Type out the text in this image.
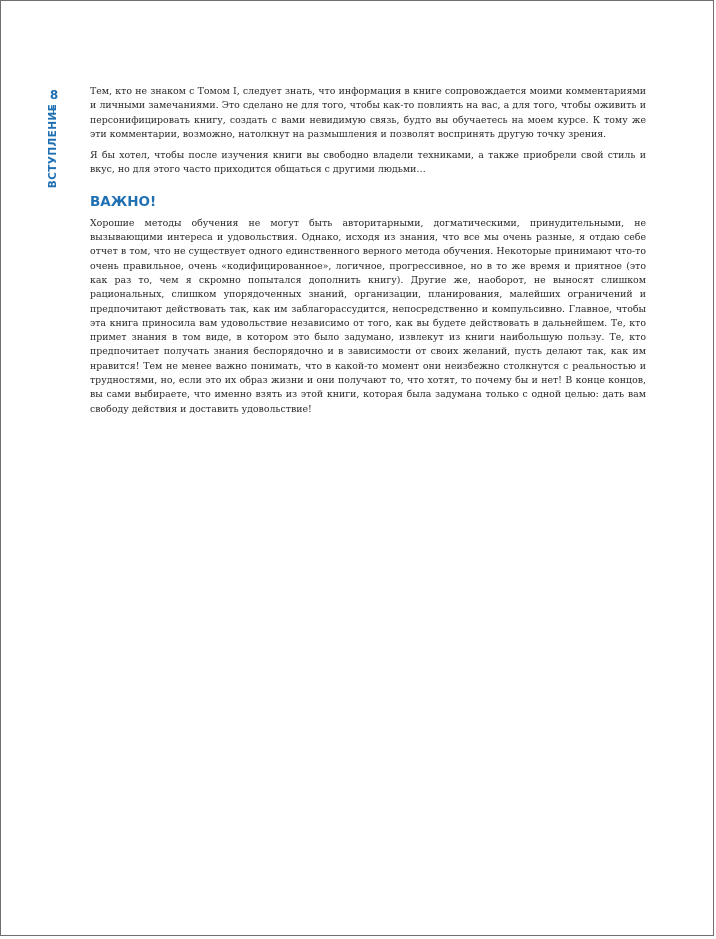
8
ВСТУПЛЕНИЕ

Тем, кто не знаком с Томом I, следует знать, что информация в книге сопровождается моими комментариями и личными замечаниями. Это сделано не для того, чтобы как-то повлиять на вас, а для того, чтобы оживить и персонифицировать книгу, создать с вами невидимую связь, будто вы обучаетесь на моем курсе. К тому же эти комментарии, возможно, натолкнут на размышления и позволят воспринять другую точку зрения.

Я бы хотел, чтобы после изучения книги вы свободно владели техниками, а также приобрели свой стиль и вкус, но для этого часто приходится общаться с другими людьми…

ВАЖНО!

Хорошие методы обучения не могут быть авторитарными, догматическими, принудительными, не вызывающими интереса и удовольствия. Однако, исходя из знания, что все мы очень разные, я отдаю себе отчет в том, что не существует одного единственного верного метода обучения. Некоторые принимают что-то очень правильное, очень «кодифицированное», логичное, прогрессивное, но в то же время и приятное (это как раз то, чем я скромно попытался дополнить книгу). Другие же, наоборот, не выносят слишком рациональных, слишком упорядоченных знаний, организации, планирования, малейших ограничений и предпочитают действовать так, как им заблагорассудится, непосредственно и компульсивно. Главное, чтобы эта книга приносила вам удовольствие независимо от того, как вы будете действовать в дальнейшем. Те, кто примет знания в том виде, в котором это было задумано, извлекут из книги наибольшую пользу. Те, кто предпочитает получать знания беспорядочно и в зависимости от своих желаний, пусть делают так, как им нравится! Тем не менее важно понимать, что в какой-то момент они неизбежно столкнутся с реальностью и трудностями, но, если это их образ жизни и они получают то, что хотят, то почему бы и нет! В конце концов, вы сами выбираете, что именно взять из этой книги, которая была задумана только с одной целью: дать вам свободу действия и доставить удовольствие!
